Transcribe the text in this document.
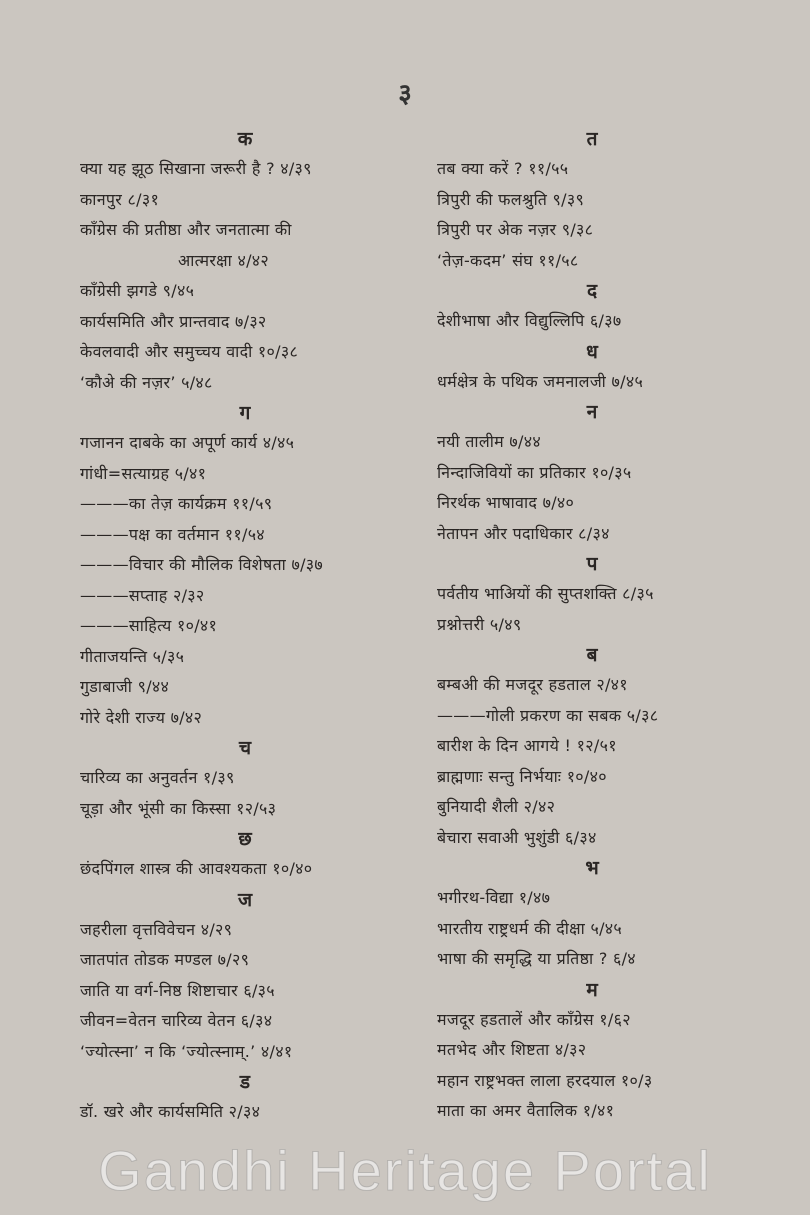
३
क
क्या यह झूठ सिखाना जरूरी है ? ४/३९
कानपुर ८/३१
कॉंग्रेस की प्रतीष्ठा और जनतात्मा की
आत्मरक्षा ४/४२
कॉंग्रेसी झगडे ९/४५
कार्यसमिति और प्रान्तवाद ७/३२
केवलवादी और समुच्चय वादी १०/३८
‘कौअे की नज़र’ ५/४८
ग
गजानन दाबके का अपूर्ण कार्य ४/४५
गांधी=सत्याग्रह ५/४१
———का तेज़ कार्यक्रम ११/५९
———पक्ष का वर्तमान ११/५४
———विचार की मौलिक विशेषता ७/३७
———सप्ताह २/३२
———साहित्य १०/४१
गीताजयन्ति ५/३५
गुडाबाजी ९/४४
गोरे देशी राज्य ७/४२
च
चारिव्य का अनुवर्तन १/३९
चूड़ा और भूंसी का किस्सा १२/५३
छ
छंदपिंगल शास्त्र की आवश्यकता १०/४०
ज
जहरीला वृत्तविवेचन ४/२९
जातपांत तोडक मण्डल ७/२९
जाति या वर्ग-निष्ठ शिष्टाचार ६/३५
जीवन=वेतन चारिव्य वेतन ६/३४
‘ज्योत्स्ना’ न कि ‘ज्योत्स्नाम्.’ ४/४१
ड
डॉ. खरे और कार्यसमिति २/३४
त
तब क्या करें ? ११/५५
त्रिपुरी की फलश्रुति ९/३९
त्रिपुरी पर अेक नज़र ९/३८
‘तेज़-कदम’ संघ ११/५८
द
देशीभाषा और विद्युल्लिपि ६/३७
ध
धर्मक्षेत्र के पथिक जमनालजी ७/४५
न
नयी तालीम ७/४४
निन्दाजिवियों का प्रतिकार १०/३५
निरर्थक भाषावाद ७/४०
नेतापन और पदाधिकार ८/३४
प
पर्वतीय भाअियों की सुप्तशक्ति ८/३५
प्रश्नोत्तरी ५/४९
ब
बम्बअी की मजदूर हडताल २/४१
———गोली प्रकरण का सबक ५/३८
बारीश के दिन आगये ! १२/५१
ब्राह्मणाः सन्तु निर्भयाः १०/४०
बुनियादी शैली २/४२
बेचारा सवाअी भुशुंडी ६/३४
भ
भगीरथ-विद्या १/४७
भारतीय राष्ट्रधर्म की दीक्षा ५/४५
भाषा की समृद्धि या प्रतिष्ठा ? ६/४
म
मजदूर हडतालें और कॉंग्रेस १/६२
मतभेद और शिष्टता ४/३२
महान राष्ट्रभक्त लाला हरदयाल १०/३
माता का अमर वैतालिक १/४१
Gandhi Heritage Portal
